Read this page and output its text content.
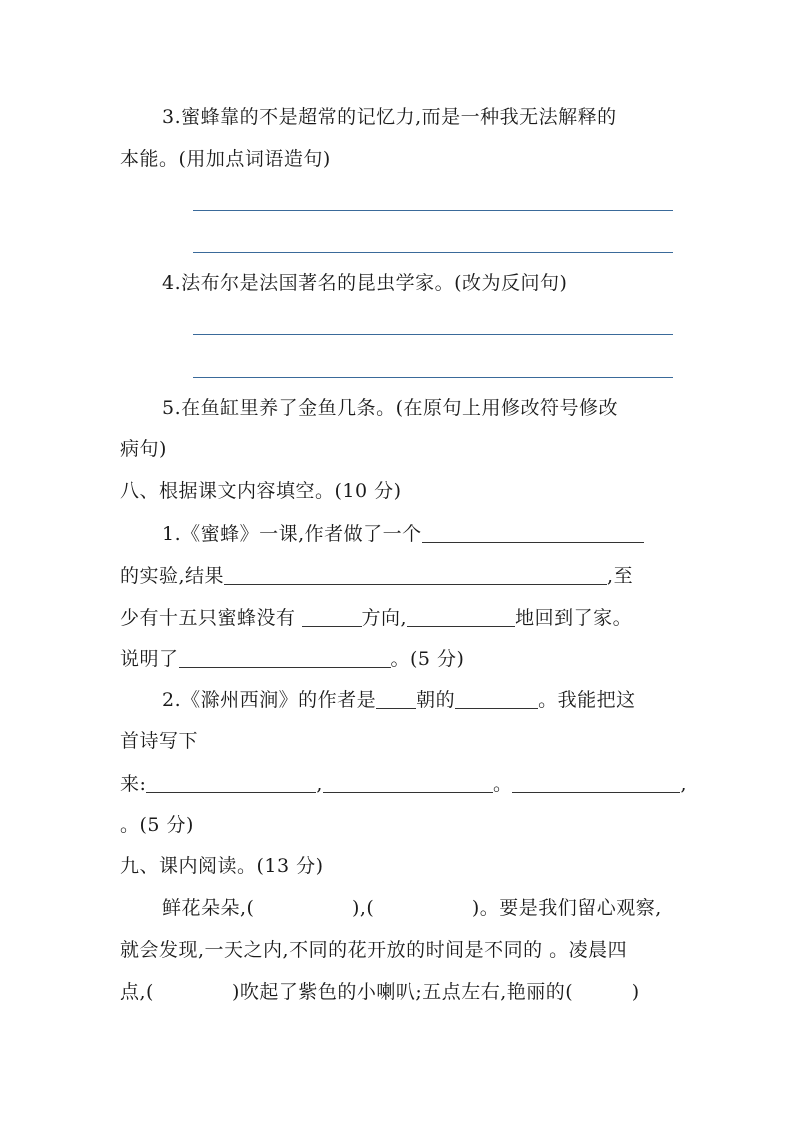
3.蜜蜂靠的不是超常的记忆力,而是一种我无法解释的
本能。(用加点词语造句)
4.法布尔是法国著名的昆虫学家。(改为反问句)
5.在鱼缸里养了金鱼几条。(在原句上用修改符号修改
病句)
八、根据课文内容填空。(10 分)
1.《蜜蜂》一课,作者做了一个
的实验,结果	,至
少有十五只蜜蜂没有	方向,	地回到了家。
说明了	。(5 分)
2.《滁州西涧》的作者是 朝的	。我能把这
首诗写下
来:	,	。	,
。(5 分)
九、课内阅读。(13 分)
鲜花朵朵,(　　　　　),(　　　　　)。要是我们留心观察,
就会发现,一天之内,不同的花开放的时间是不同的 。凌晨四
点,(　　　　)吹起了紫色的小喇叭;五点左右,艳丽的(　　　)
